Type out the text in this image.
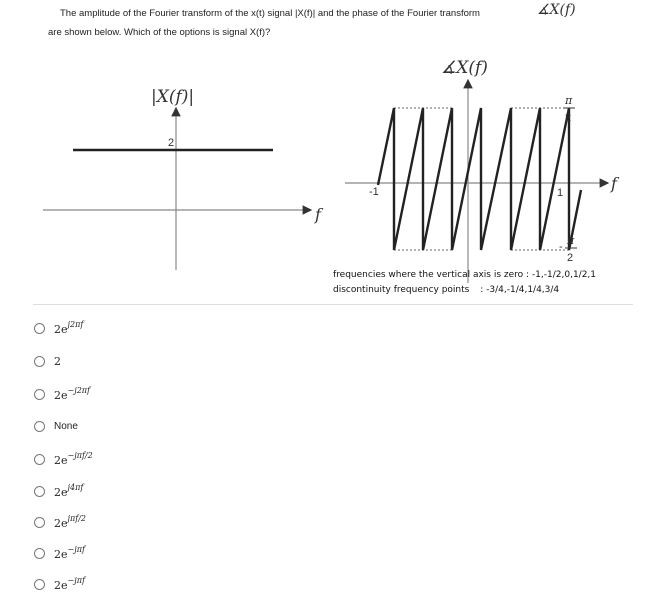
The amplitude of the Fourier transform of the x(t) signal |X(f)| and the phase of the Fourier transform
are shown below. Which of the options is signal X(f)?
∡X(f)
|X(f)|
2
f
∡X(f)
f
-1	1
π
2
- π
2
frequencies where the vertical axis is zero : -1,-1/2,0,1/2,1
discontinuity frequency points : -3/4,-1/4,1/4,3/4
$2e^{j2\pi f}$
2
$2e^{-j2\pi f}$
None
$2e^{-j\pi f/2}$
$2e^{j4\pi f}$
$2e^{j\pi f/2}$
$2e^{-j\pi f}$
$2e^{-j\pi f}$
